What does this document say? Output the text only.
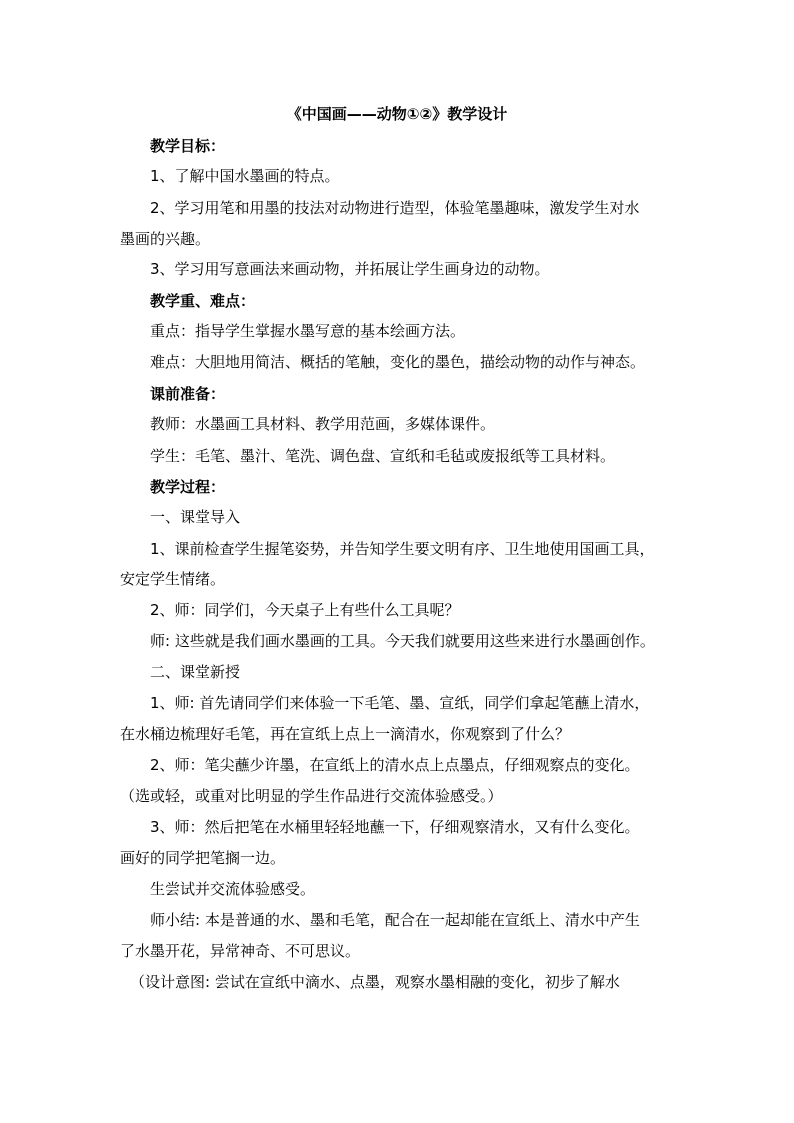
《中国画——动物①②》教学设计
教学目标：
1、了解中国水墨画的特点。
2、学习用笔和用墨的技法对动物进行造型，体验笔墨趣味，激发学生对水
墨画的兴趣。
3、学习用写意画法来画动物，并拓展让学生画身边的动物。
教学重、难点：
重点：指导学生掌握水墨写意的基本绘画方法。
难点：大胆地用简洁、概括的笔触，变化的墨色，描绘动物的动作与神态。
课前准备：
教师：水墨画工具材料、教学用范画，多媒体课件。
学生：毛笔、墨汁、笔洗、调色盘、宣纸和毛毡或废报纸等工具材料。
教学过程：
一、课堂导入
1、课前检查学生握笔姿势，并告知学生要文明有序、卫生地使用国画工具，
安定学生情绪。
2、师：同学们，今天桌子上有些什么工具呢？
师: 这些就是我们画水墨画的工具。今天我们就要用这些来进行水墨画创作。
二、课堂新授
1、师: 首先请同学们来体验一下毛笔、墨、宣纸，同学们拿起笔蘸上清水，
在水桶边梳理好毛笔，再在宣纸上点上一滴清水，你观察到了什么？
2、师：笔尖蘸少许墨，在宣纸上的清水点上点墨点，仔细观察点的变化。
（选或轻，或重对比明显的学生作品进行交流体验感受。）
3、师：然后把笔在水桶里轻轻地蘸一下，仔细观察清水，又有什么变化。
画好的同学把笔搁一边。
生尝试并交流体验感受。
师小结: 本是普通的水、墨和毛笔，配合在一起却能在宣纸上、清水中产生
了水墨开花，异常神奇、不可思议。
（设计意图: 尝试在宣纸中滴水、点墨，观察水墨相融的变化，初步了解水
